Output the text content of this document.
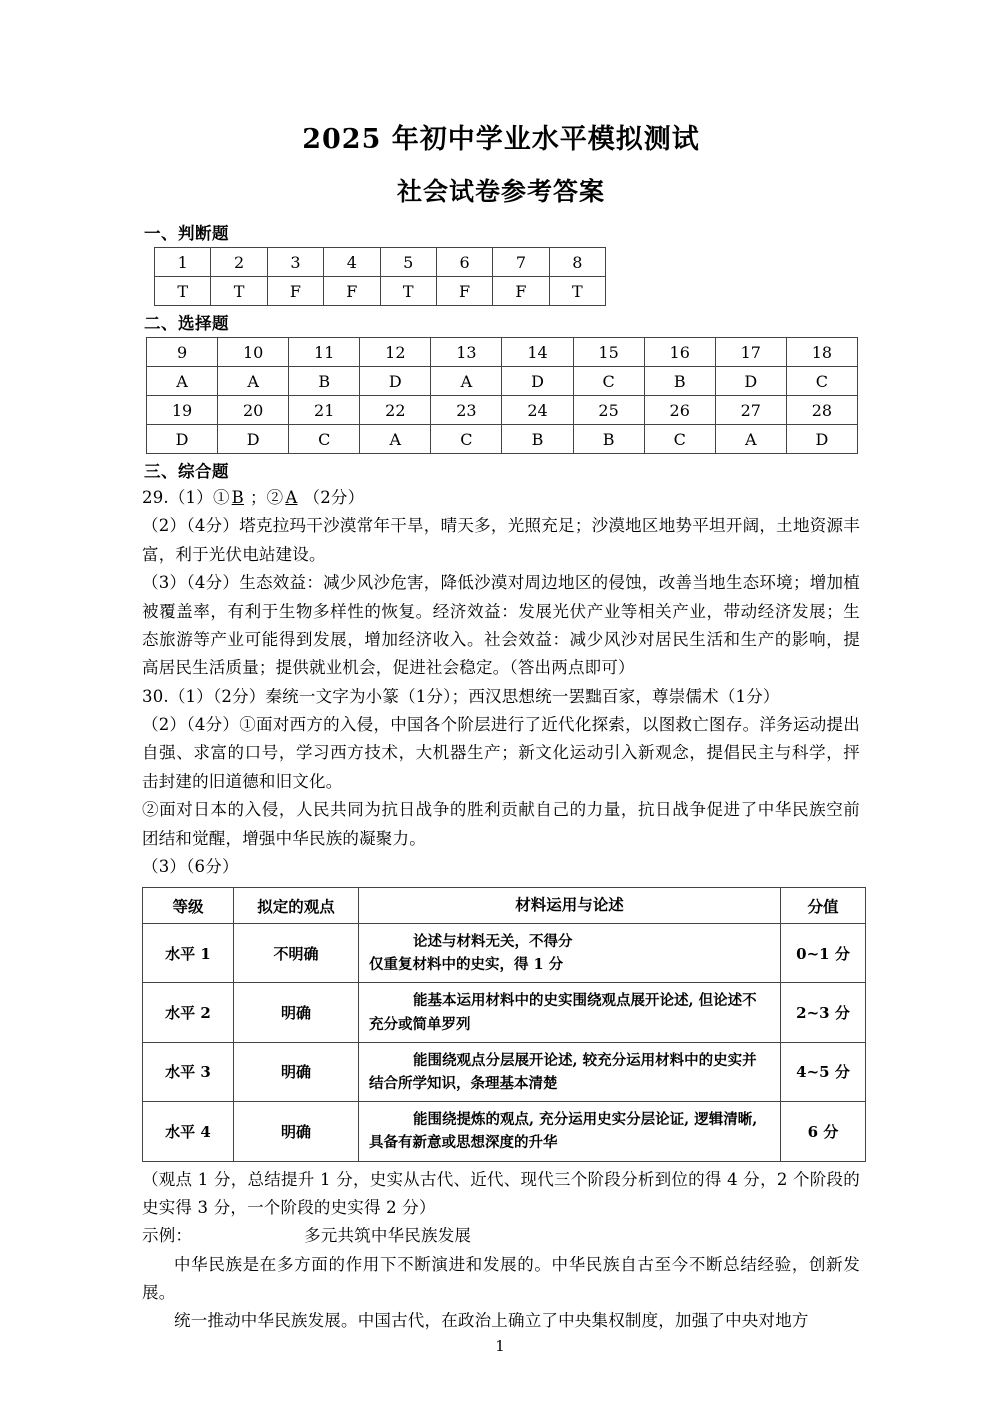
2025 年初中学业水平模拟测试
社会试卷参考答案
一、判断题
1	2	3	4	5	6	7	8
T	T	F	F	T	F	F	T
二、选择题
9	10	11	12	13	14	15	16	17	18
A	A	B	D	A	D	C	B	D	C
19	20	21	22	23	24	25	26	27	28
D	D	C	A	C	B	B	C	A	D
三、综合题

29.（1）① B ；② A （2分）

（2）（4分）塔克拉玛干沙漠常年干旱，晴天多，光照充足；沙漠地区地势平坦开阔，土地资源丰富，利于光伏电站建设。

（3）（4分）生态效益：减少风沙危害，降低沙漠对周边地区的侵蚀，改善当地生态环境；增加植被覆盖率，有利于生物多样性的恢复。经济效益：发展光伏产业等相关产业，带动经济发展；生态旅游等产业可能得到发展，增加经济收入。社会效益：减少风沙对居民生活和生产的影响，提高居民生活质量；提供就业机会，促进社会稳定。（答出两点即可）

30.（1）（2分）秦统一文字为小篆（1分）；西汉思想统一罢黜百家，尊崇儒术（1分）

（2）（4分）①面对西方的入侵，中国各个阶层进行了近代化探索，以图救亡图存。洋务运动提出自强、求富的口号，学习西方技术，大机器生产；新文化运动引入新观念，提倡民主与科学，抨击封建的旧道德和旧文化。

②面对日本的入侵，人民共同为抗日战争的胜利贡献自己的力量，抗日战争促进了中华民族空前团结和觉醒，增强中华民族的凝聚力。

（3）（6分）

等级	拟定的观点	材料运用与论述	分值
水平 1	不明确	论述与材料无关，不得分
仅重复材料中的史实，得 1 分	0~1 分
水平 2	明确	能基本运用材料中的史实围绕观点展开论述, 但论述不
充分或简单罗列	2~3 分
水平 3	明确	能围绕观点分层展开论述, 较充分运用材料中的史实并
结合所学知识，条理基本清楚	4~5 分
水平 4	明确	能围绕提炼的观点, 充分运用史实分层论证, 逻辑清晰,
具备有新意或思想深度的升华	6 分

（观点 1 分，总结提升 1 分，史实从古代、近代、现代三个阶段分析到位的得 4 分，2 个阶段的史实得 3 分，一个阶段的史实得 2 分）

示例：	多元共筑中华民族发展

中华民族是在多方面的作用下不断演进和发展的。中华民族自古至今不断总结经验，创新发展。

统一推动中华民族发展。中国古代，在政治上确立了中央集权制度，加强了中央对地方

1
